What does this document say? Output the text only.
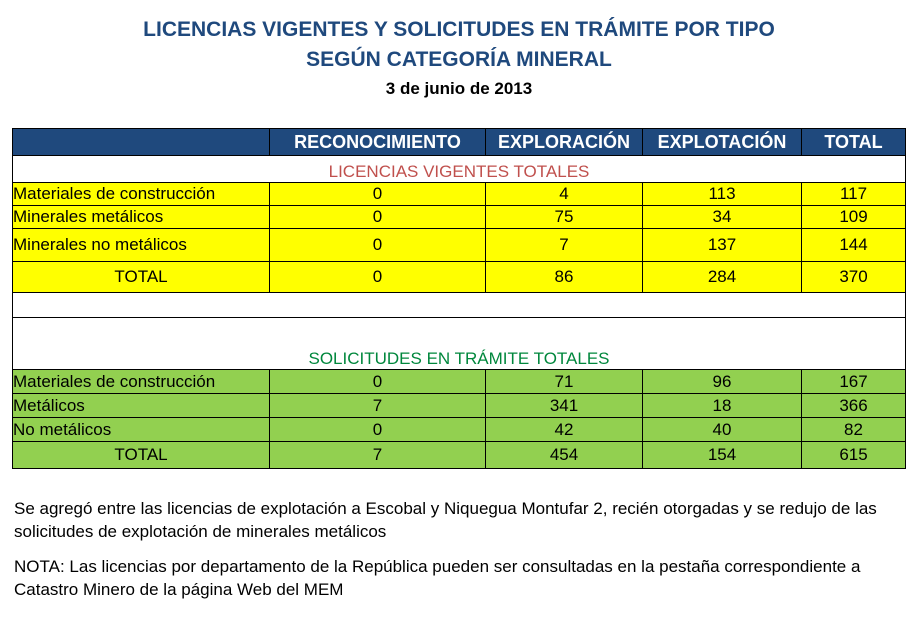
LICENCIAS VIGENTES Y SOLICITUDES EN TRÁMITE POR TIPO
SEGÚN CATEGORÍA MINERAL
3 de junio de 2013
	RECONOCIMIENTO	EXPLORACIÓN	EXPLOTACIÓN	TOTAL
LICENCIAS VIGENTES TOTALES				
Materiales de construcción	0	4	113	117
Minerales metálicos	0	75	34	109
Minerales no metálicos	0	7	137	144
TOTAL	0	86	284	370

SOLICITUDES EN TRÁMITE TOTALES				
Materiales de construcción	0	71	96	167
Metálicos	7	341	18	366
No metálicos	0	42	40	82
TOTAL	7	454	154	615
Se agregó entre las licencias de explotación a Escobal y Niquegua Montufar 2, recién otorgadas y se redujo de las solicitudes de explotación de minerales metálicos
NOTA: Las licencias por departamento de la República pueden ser consultadas en la pestaña correspondiente a Catastro Minero de la página Web del MEM
